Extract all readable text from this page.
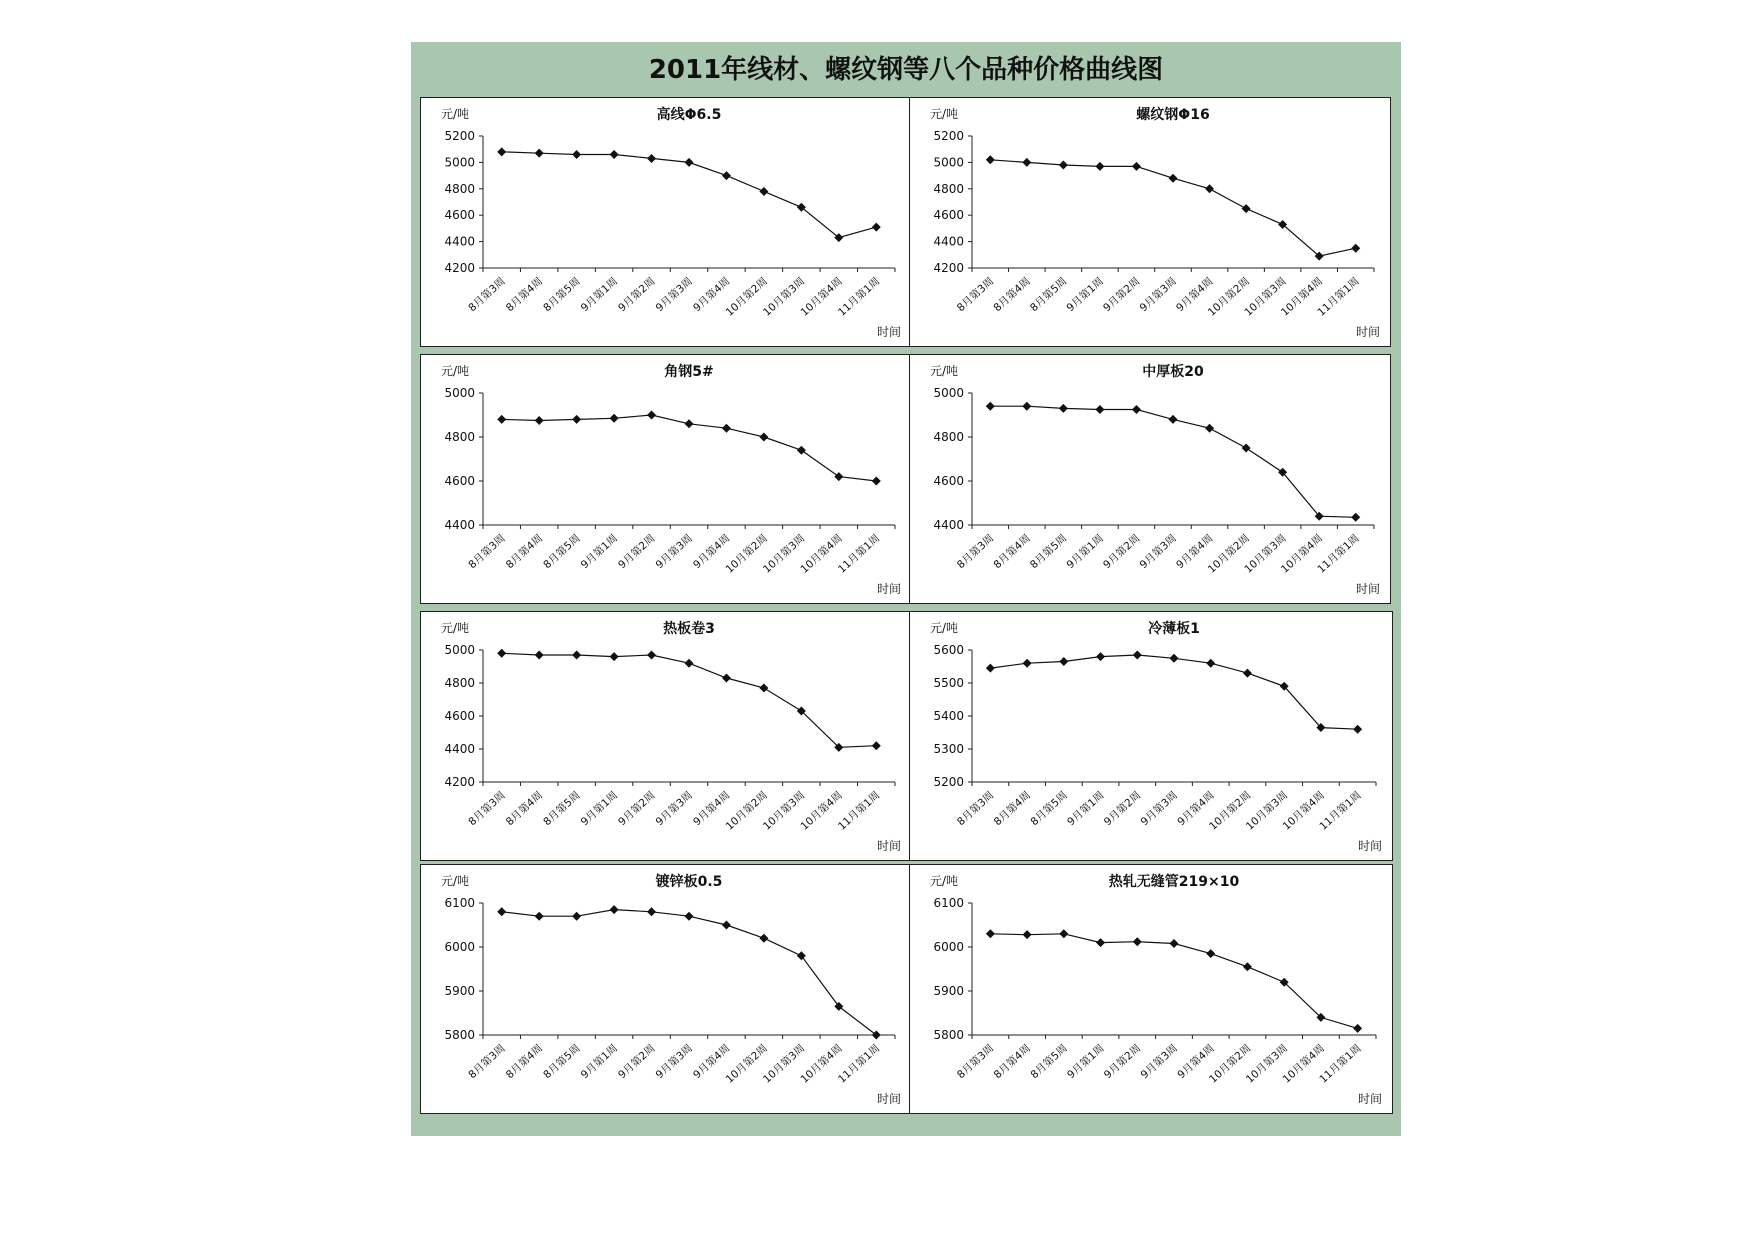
2011年线材、螺纹钢等八个品种价格曲线图
高线Φ6.5
元/吨
时间
4200
4400
4600
4800
5000
5200
8月第3周
8月第4周
8月第5周
9月第1周
9月第2周
9月第3周
9月第4周
10月第2周
10月第3周
10月第4周
11月第1周
螺纹钢Φ16
元/吨
时间
4200
4400
4600
4800
5000
5200
8月第3周
8月第4周
8月第5周
9月第1周
9月第2周
9月第3周
9月第4周
10月第2周
10月第3周
10月第4周
11月第1周
角钢5#
元/吨
时间
4400
4600
4800
5000
8月第3周
8月第4周
8月第5周
9月第1周
9月第2周
9月第3周
9月第4周
10月第2周
10月第3周
10月第4周
11月第1周
中厚板20
元/吨
时间
4400
4600
4800
5000
8月第3周
8月第4周
8月第5周
9月第1周
9月第2周
9月第3周
9月第4周
10月第2周
10月第3周
10月第4周
11月第1周
热板卷3
元/吨
时间
4200
4400
4600
4800
5000
8月第3周
8月第4周
8月第5周
9月第1周
9月第2周
9月第3周
9月第4周
10月第2周
10月第3周
10月第4周
11月第1周
冷薄板1
元/吨
时间
5200
5300
5400
5500
5600
8月第3周
8月第4周
8月第5周
9月第1周
9月第2周
9月第3周
9月第4周
10月第2周
10月第3周
10月第4周
11月第1周
镀锌板0.5
元/吨
时间
5800
5900
6000
6100
8月第3周
8月第4周
8月第5周
9月第1周
9月第2周
9月第3周
9月第4周
10月第2周
10月第3周
10月第4周
11月第1周
热轧无缝管219×10
元/吨
时间
5800
5900
6000
6100
8月第3周
8月第4周
8月第5周
9月第1周
9月第2周
9月第3周
9月第4周
10月第2周
10月第3周
10月第4周
11月第1周
